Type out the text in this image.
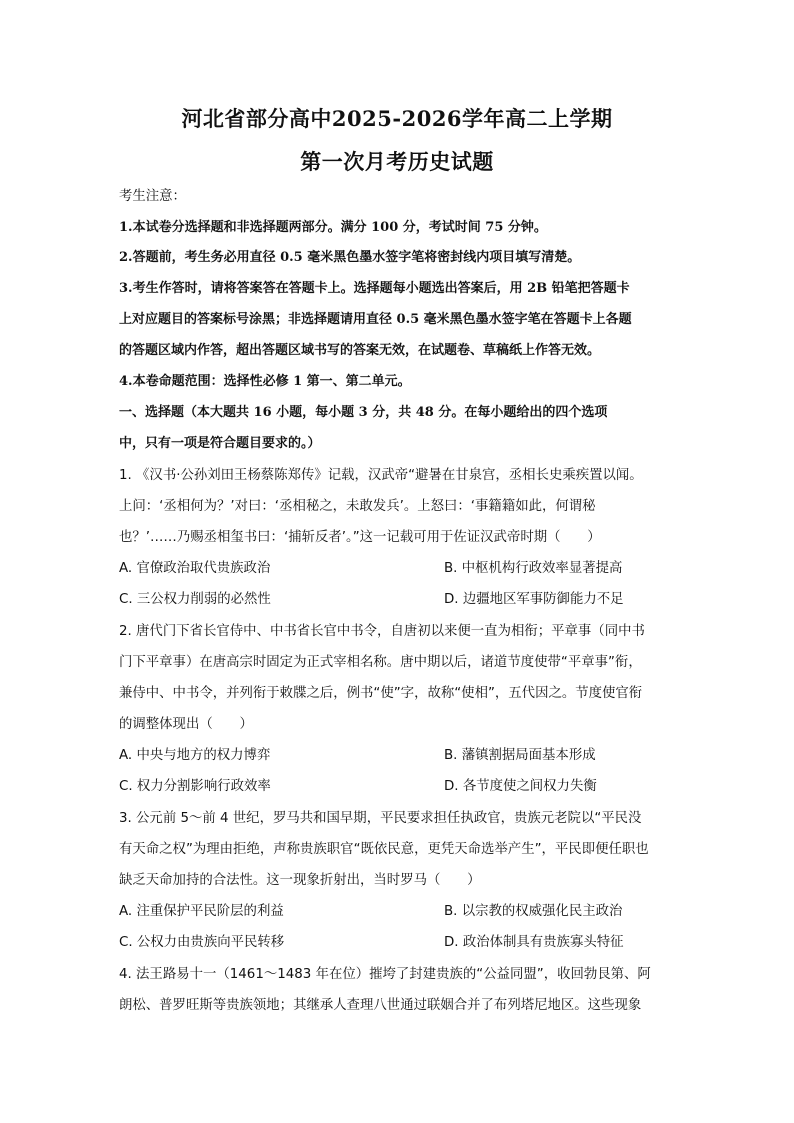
河北省部分高中2025-2026学年高二上学期
第一次月考历史试题

考生注意：

1.本试卷分选择题和非选择题两部分。满分 100 分，考试时间 75 分钟。

2.答题前，考生务必用直径 0.5 毫米黑色墨水签字笔将密封线内项目填写清楚。

3.考生作答时，请将答案答在答题卡上。选择题每小题选出答案后，用 2B 铅笔把答题卡

上对应题目的答案标号涂黑；非选择题请用直径 0.5 毫米黑色墨水签字笔在答题卡上各题

的答题区域内作答，超出答题区域书写的答案无效，在试题卷、草稿纸上作答无效。

4.本卷命题范围：选择性必修 1 第一、第二单元。

一、选择题（本大题共 16 小题，每小题 3 分，共 48 分。在每小题给出的四个选项

中，只有一项是符合题目要求的。）

1. 《汉书·公孙刘田王杨蔡陈郑传》记载，汉武帝“避暑在甘泉宫，丞相长史乘疾置以闻。

上问：‘丞相何为？’对曰：‘丞相秘之，未敢发兵’。上怒曰：‘事籍籍如此，何谓秘

也？’……乃赐丞相玺书曰：‘捕斩反者’。”这一记载可用于佐证汉武帝时期（　　）

A. 官僚政治取代贵族政治	B. 中枢机构行政效率显著提高

C. 三公权力削弱的必然性	D. 边疆地区军事防御能力不足

2. 唐代门下省长官侍中、中书省长官中书令，自唐初以来便一直为相衔；平章事（同中书

门下平章事）在唐高宗时固定为正式宰相名称。唐中期以后，诸道节度使带“平章事”衔，

兼侍中、中书令，并列衔于敕牒之后，例书“使”字，故称“使相”，五代因之。节度使官衔

的调整体现出（　　）

A. 中央与地方的权力博弈	B. 藩镇割据局面基本形成

C. 权力分割影响行政效率	D. 各节度使之间权力失衡

3. 公元前 5～前 4 世纪，罗马共和国早期，平民要求担任执政官，贵族元老院以“平民没

有天命之权”为理由拒绝，声称贵族职官“既依民意，更凭天命选举产生”，平民即便任职也

缺乏天命加持的合法性。这一现象折射出，当时罗马（　　）

A. 注重保护平民阶层的利益	B. 以宗教的权威强化民主政治

C. 公权力由贵族向平民转移	D. 政治体制具有贵族寡头特征

4. 法王路易十一（1461～1483 年在位）摧垮了封建贵族的“公益同盟”，收回勃艮第、阿

朗松、普罗旺斯等贵族领地；其继承人查理八世通过联姻合并了布列塔尼地区。这些现象
